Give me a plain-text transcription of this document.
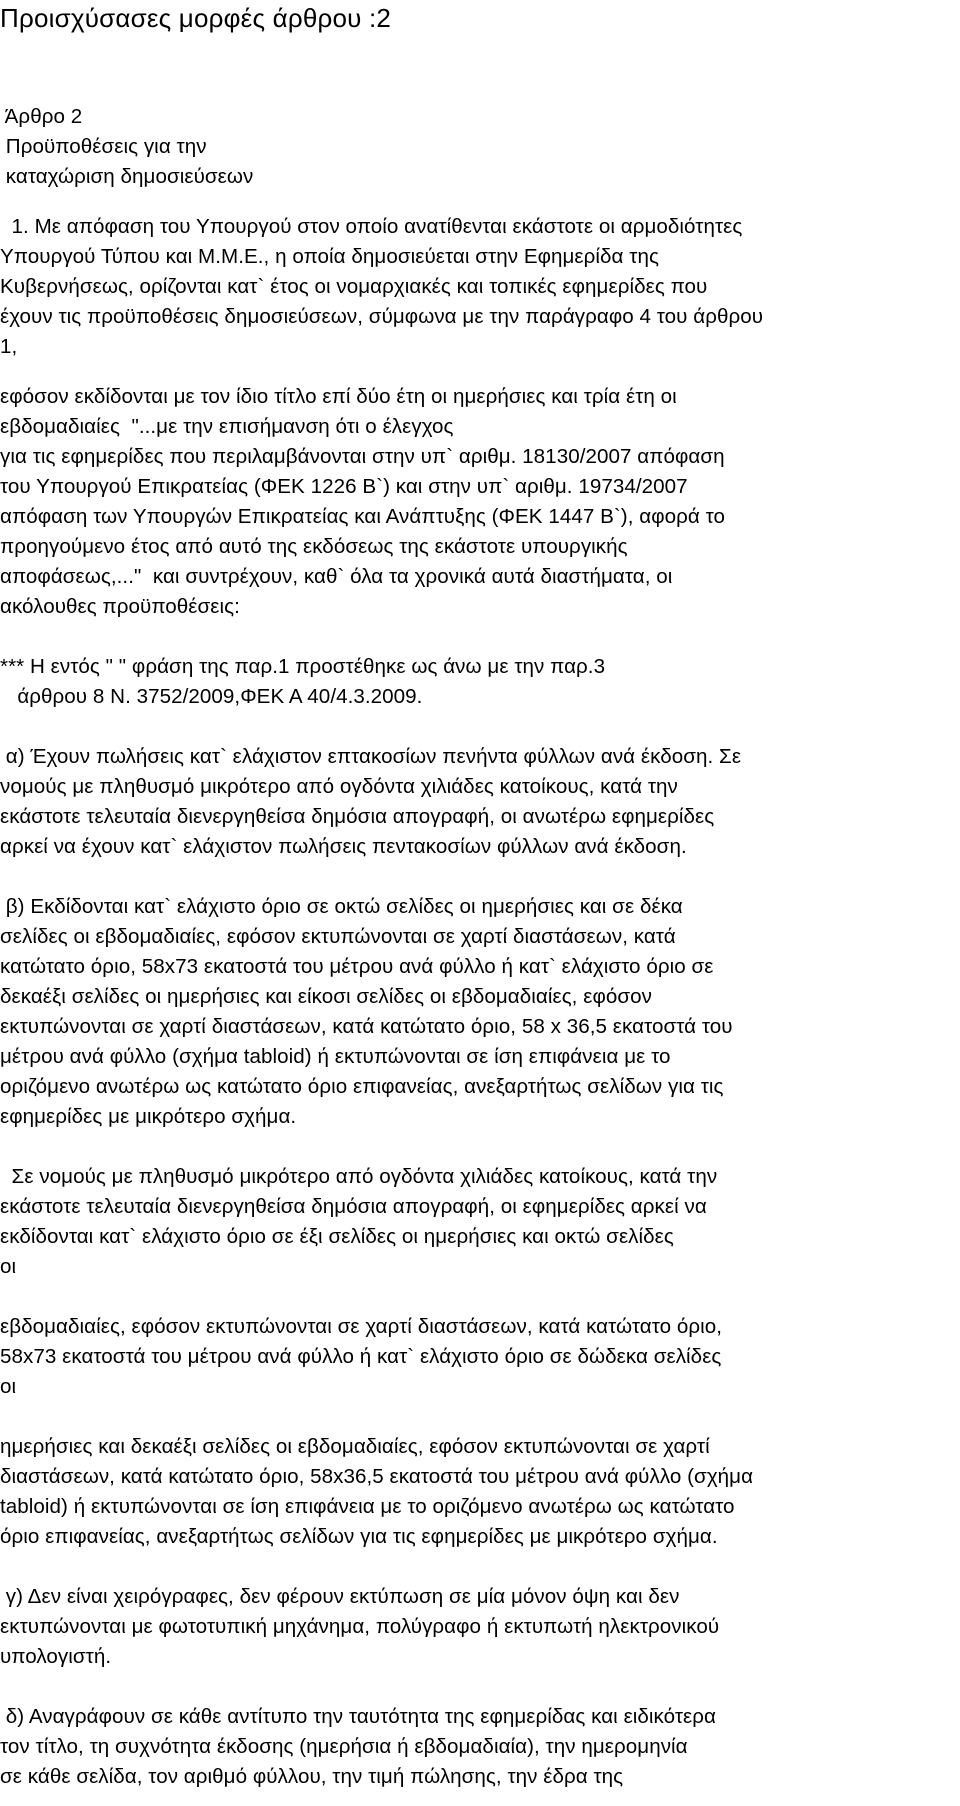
Προισχύσασες μορφές άρθρου :2
Άρθρο 2
Προϋποθέσεις για την
καταχώριση δημοσιεύσεων
1. Με απόφαση του Υπουργού στον οποίο ανατίθενται εκάστοτε οι αρμοδιότητες
Υπουργού Τύπου και Μ.Μ.Ε., η οποία δημοσιεύεται στην Εφημερίδα της
Κυβερνήσεως, ορίζονται κατ` έτος οι νομαρχιακές και τοπικές εφημερίδες που
έχουν τις προϋποθέσεις δημοσιεύσεων, σύμφωνα με την παράγραφο 4 του άρθρου
1,
εφόσον εκδίδονται με τον ίδιο τίτλο επί δύο έτη οι ημερήσιες και τρία έτη οι
εβδομαδιαίες  "...με την επισήμανση ότι ο έλεγχος
για τις εφημερίδες που περιλαμβάνονται στην υπ` αριθμ. 18130/2007 απόφαση
του Υπουργού Επικρατείας (ΦΕΚ 1226 Β`) και στην υπ` αριθμ. 19734/2007
απόφαση των Υπουργών Επικρατείας και Ανάπτυξης (ΦΕΚ 1447 Β`), αφορά το
προηγούμενο έτος από αυτό της εκδόσεως της εκάστοτε υπουργικής
αποφάσεως,..."  και συντρέχουν, καθ` όλα τα χρονικά αυτά διαστήματα, οι
ακόλουθες προϋποθέσεις:
*** Η εντός " " φράση της παρ.1 προστέθηκε ως άνω με την παρ.3
άρθρου 8 Ν. 3752/2009,ΦΕΚ Α 40/4.3.2009.
α) Έχουν πωλήσεις κατ` ελάχιστον επτακοσίων πενήντα φύλλων ανά έκδοση. Σε
νομούς με πληθυσμό μικρότερο από ογδόντα χιλιάδες κατοίκους, κατά την
εκάστοτε τελευταία διενεργηθείσα δημόσια απογραφή, οι ανωτέρω εφημερίδες
αρκεί να έχουν κατ` ελάχιστον πωλήσεις πεντακοσίων φύλλων ανά έκδοση.
β) Εκδίδονται κατ` ελάχιστο όριο σε οκτώ σελίδες οι ημερήσιες και σε δέκα
σελίδες οι εβδομαδιαίες, εφόσον εκτυπώνονται σε χαρτί διαστάσεων, κατά
κατώτατο όριο, 58x73 εκατοστά του μέτρου ανά φύλλο ή κατ` ελάχιστο όριο σε
δεκαέξι σελίδες οι ημερήσιες και είκοσι σελίδες οι εβδομαδιαίες, εφόσον
εκτυπώνονται σε χαρτί διαστάσεων, κατά κατώτατο όριο, 58 x 36,5 εκατοστά του
μέτρου ανά φύλλο (σχήμα tabloid) ή εκτυπώνονται σε ίση επιφάνεια με το
οριζόμενο ανωτέρω ως κατώτατο όριο επιφανείας, ανεξαρτήτως σελίδων για τις
εφημερίδες με μικρότερο σχήμα.
Σε νομούς με πληθυσμό μικρότερο από ογδόντα χιλιάδες κατοίκους, κατά την
εκάστοτε τελευταία διενεργηθείσα δημόσια απογραφή, οι εφημερίδες αρκεί να
εκδίδονται κατ` ελάχιστο όριο σε έξι σελίδες οι ημερήσιες και οκτώ σελίδες
οι
εβδομαδιαίες, εφόσον εκτυπώνονται σε χαρτί διαστάσεων, κατά κατώτατο όριο,
58x73 εκατοστά του μέτρου ανά φύλλο ή κατ` ελάχιστο όριο σε δώδεκα σελίδες
οι
ημερήσιες και δεκαέξι σελίδες οι εβδομαδιαίες, εφόσον εκτυπώνονται σε χαρτί
διαστάσεων, κατά κατώτατο όριο, 58x36,5 εκατοστά του μέτρου ανά φύλλο (σχήμα
tabloid) ή εκτυπώνονται σε ίση επιφάνεια με το οριζόμενο ανωτέρω ως κατώτατο
όριο επιφανείας, ανεξαρτήτως σελίδων για τις εφημερίδες με μικρότερο σχήμα.
γ) Δεν είναι χειρόγραφες, δεν φέρουν εκτύπωση σε μία μόνον όψη και δεν
εκτυπώνονται με φωτοτυπική μηχάνημα, πολύγραφο ή εκτυπωτή ηλεκτρονικού
υπολογιστή.
δ) Αναγράφουν σε κάθε αντίτυπο την ταυτότητα της εφημερίδας και ειδικότερα
τον τίτλο, τη συχνότητα έκδοσης (ημερήσια ή εβδομαδιαία), την ημερομηνία
σε κάθε σελίδα, τον αριθμό φύλλου, την τιμή πώλησης, την έδρα της
